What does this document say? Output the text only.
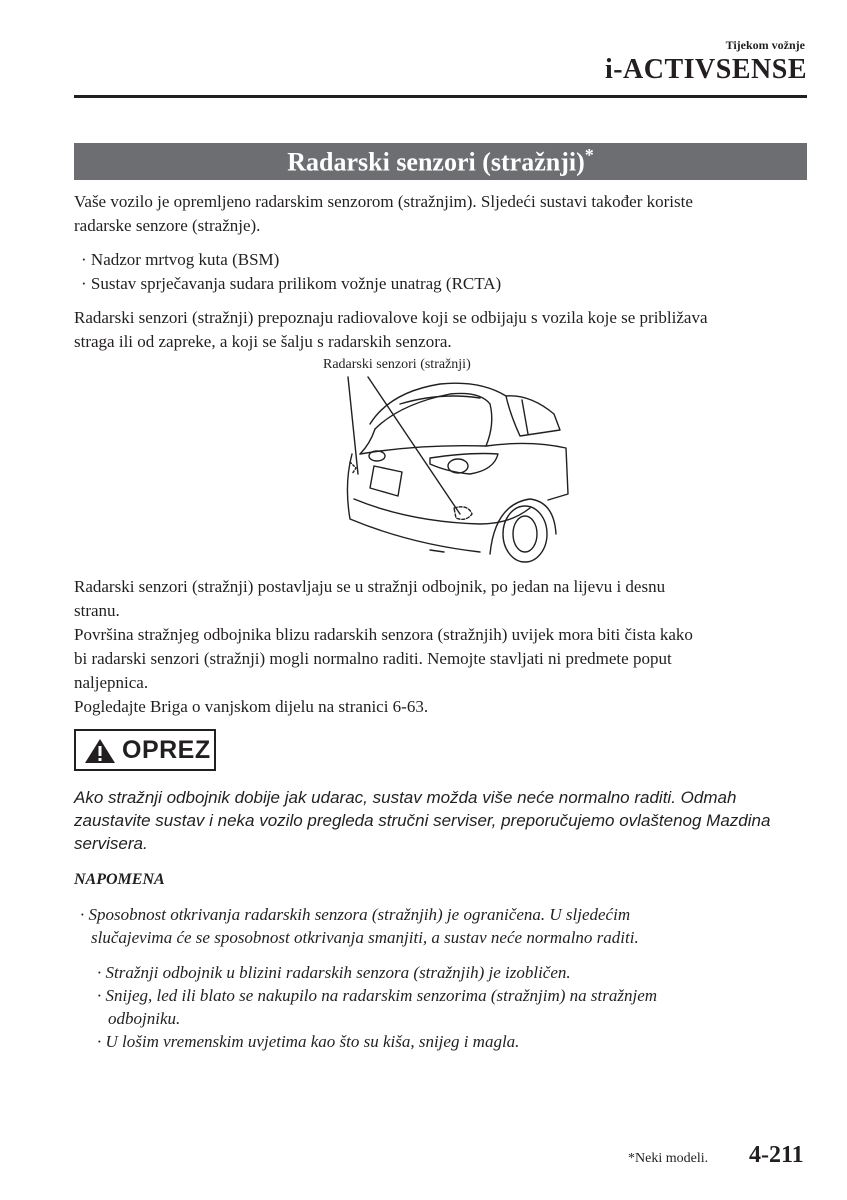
Tijekom vožnje
i-ACTIVSENSE
Radarski senzori (stražnji)*
Vaše vozilo je opremljeno radarskim senzorom (stražnjim). Sljedeći sustavi također koriste
radarske senzore (stražnje).
· Nadzor mrtvog kuta (BSM)
· Sustav sprječavanja sudara prilikom vožnje unatrag (RCTA)
Radarski senzori (stražnji) prepoznaju radiovalove koji se odbijaju s vozila koje se približava
straga ili od zapreke, a koji se šalju s radarskih senzora.
Radarski senzori (stražnji)
Radarski senzori (stražnji) postavljaju se u stražnji odbojnik, po jedan na lijevu i desnu
stranu.
Površina stražnjeg odbojnika blizu radarskih senzora (stražnjih) uvijek mora biti čista kako
bi radarski senzori (stražnji) mogli normalno raditi. Nemojte stavljati ni predmete poput
naljepnica.
Pogledajte Briga o vanjskom dijelu na stranici 6-63.
OPREZ
Ako stražnji odbojnik dobije jak udarac, sustav možda više neće normalno raditi. Odmah
zaustavite sustav i neka vozilo pregleda stručni serviser, preporučujemo ovlaštenog Mazdina
servisera.
NAPOMENA
· Sposobnost otkrivanja radarskih senzora (stražnjih) je ograničena. U sljedećim
slučajevima će se sposobnost otkrivanja smanjiti, a sustav neće normalno raditi.
· Stražnji odbojnik u blizini radarskih senzora (stražnjih) je izobličen.
· Snijeg, led ili blato se nakupilo na radarskim senzorima (stražnjim) na stražnjem
odbojniku.
· U lošim vremenskim uvjetima kao što su kiša, snijeg i magla.
*Neki modeli. 4-211
